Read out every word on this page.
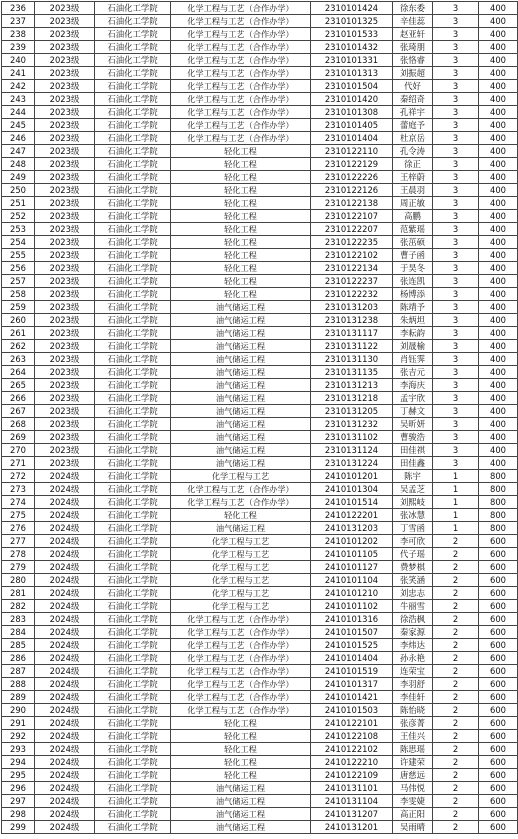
236	2023级	石油化工学院	化学工程与工艺（合作办学）	2310101424	徐东委	3	400
237	2023级	石油化工学院	化学工程与工艺（合作办学）	2310101325	辛佳蕊	3	400
238	2023级	石油化工学院	化学工程与工艺（合作办学）	2310101533	赵亚轩	3	400
239	2023级	石油化工学院	化学工程与工艺（合作办学）	2310101432	张琦朋	3	400
240	2023级	石油化工学院	化学工程与工艺（合作办学）	2310101331	张恪睿	3	400
241	2023级	石油化工学院	化学工程与工艺（合作办学）	2310101313	刘振超	3	400
242	2023级	石油化工学院	化学工程与工艺（合作办学）	2310101504	代好	3	400
243	2023级	石油化工学院	化学工程与工艺（合作办学）	2310101420	秦绍奇	3	400
244	2023级	石油化工学院	化学工程与工艺（合作办学）	2310101308	孔祥宇	3	400
245	2023级	石油化工学院	化学工程与工艺（合作办学）	2310101405	蕾庭予	3	400
246	2023级	石油化工学院	化学工程与工艺（合作办学）	2310101404	杜京岳	3	400
247	2023级	石油化工学院	轻化工程	2310122110	孔令涛	3	400
248	2023级	石油化工学院	轻化工程	2310122129	徐正	3	400
249	2023级	石油化工学院	轻化工程	2310122226	王梓蔚	3	400
250	2023级	石油化工学院	轻化工程	2310122126	王晨羽	3	400
251	2023级	石油化工学院	轻化工程	2310122138	周正敏	3	400
252	2023级	石油化工学院	轻化工程	2310122107	高鹏	3	400
253	2023级	石油化工学院	轻化工程	2310122207	范紫瑶	3	400
254	2023级	石油化工学院	轻化工程	2310122235	张茁硕	3	400
255	2023级	石油化工学院	轻化工程	2310122102	曹子函	3	400
256	2023级	石油化工学院	轻化工程	2310122134	于昊冬	3	400
257	2023级	石油化工学院	轻化工程	2310122237	张连凯	3	400
258	2023级	石油化工学院	轻化工程	2310122232	杨博添	3	400
259	2023级	石油化工学院	油气储运工程	2310131203	陈靖予	3	400
260	2023级	石油化工学院	油气储运工程	2310131238	朱炳坦	3	400
261	2023级	石油化工学院	油气储运工程	2310131117	李耘韵	3	400
262	2023级	石油化工学院	油气储运工程	2310131122	刘晟榆	3	400
263	2023级	石油化工学院	油气储运工程	2310131130	肖钰霁	3	400
264	2023级	石油化工学院	油气储运工程	2310131135	张吉元	3	400
265	2023级	石油化工学院	油气储运工程	2310131213	李海庆	3	400
266	2023级	石油化工学院	油气储运工程	2310131218	孟宇欣	3	400
267	2023级	石油化工学院	油气储运工程	2310131205	丁赫文	3	400
268	2023级	石油化工学院	油气储运工程	2310131232	吴昕妍	3	400
269	2023级	石油化工学院	油气储运工程	2310131102	曹骏浩	3	400
270	2023级	石油化工学院	油气储运工程	2310131124	田佳祺	3	400
271	2023级	石油化工学院	油气储运工程	2310131224	田佳鑫	3	400
272	2024级	石油化工学院	化学工程与工艺	2410101201	陈宇	1	800
273	2024级	石油化工学院	化学工程与工艺（合作办学）	2410101304	吴孟芝	1	800
274	2024级	石油化工学院	化学工程与工艺（合作办学）	2410101514	刘熙岐	1	800
275	2024级	石油化工学院	轻化工程	2410122201	张冰慧	1	800
276	2024级	石油化工学院	油气储运工程	2410131203	丁雪函	1	800
277	2024级	石油化工学院	化学工程与工艺	2410101202	李可欣	2	600
278	2024级	石油化工学院	化学工程与工艺	2410101105	代子瑶	2	600
279	2024级	石油化工学院	化学工程与工艺	2410101127	费梦棋	2	600
280	2024级	石油化工学院	化学工程与工艺	2410101104	张笑涵	2	600
281	2024级	石油化工学院	化学工程与工艺	2410101210	刘忠志	2	600
282	2024级	石油化工学院	化学工程与工艺	2410101102	牛丽雪	2	600
283	2024级	石油化工学院	化学工程与工艺（合作办学）	2410101316	徐浩枫	2	600
284	2024级	石油化工学院	化学工程与工艺（合作办学）	2410101507	秦家源	2	600
285	2024级	石油化工学院	化学工程与工艺（合作办学）	2410101525	李炜达	2	600
286	2024级	石油化工学院	化学工程与工艺（合作办学）	2410101404	孙永艳	2	600
287	2024级	石油化工学院	化学工程与工艺（合作办学）	2410101519	连荣宝	2	600
288	2024级	石油化工学院	化学工程与工艺（合作办学）	2410101317	李羽舒	2	600
289	2024级	石油化工学院	化学工程与工艺（合作办学）	2410101421	李佳轩	2	600
290	2024级	石油化工学院	化学工程与工艺（合作办学）	2410101503	陈怡晓	2	600
291	2024级	石油化工学院	轻化工程	2410122101	张彦菁	2	600
292	2024级	石油化工学院	轻化工程	2410122108	王佳兴	2	600
293	2024级	石油化工学院	轻化工程	2410122102	陈思瑶	2	600
294	2024级	石油化工学院	轻化工程	2410122210	许建荣	2	600
295	2024级	石油化工学院	轻化工程	2410122109	唐慈远	2	600
296	2024级	石油化工学院	油气储运工程	2410131101	马伟悦	2	600
297	2024级	石油化工学院	油气储运工程	2410131104	李雯婕	2	600
298	2024级	石油化工学院	油气储运工程	2410131207	高正阳	2	600
299	2024级	石油化工学院	油气储运工程	2410131201	吴雨晴	2	600
